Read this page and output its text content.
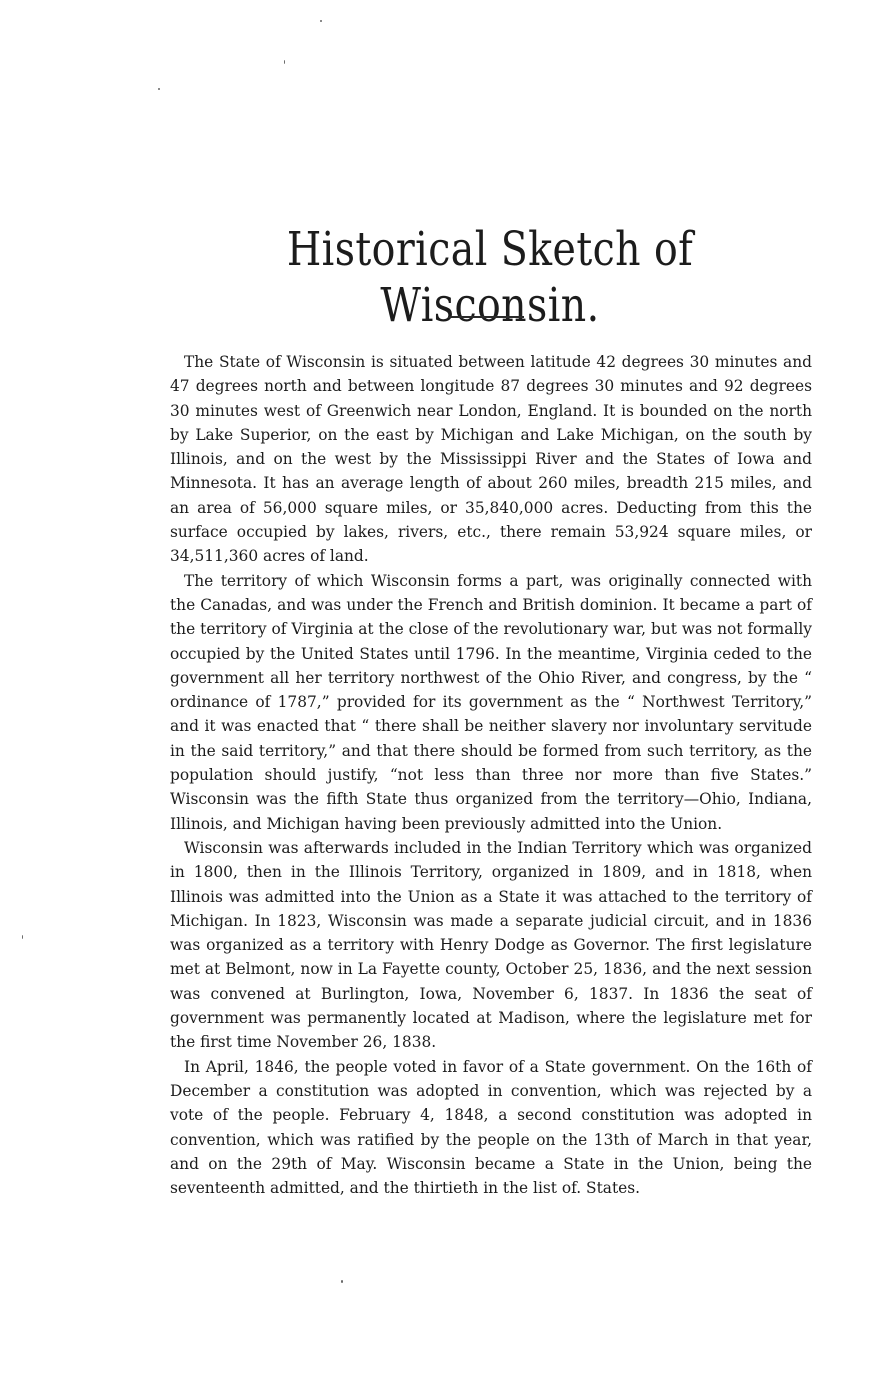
Historical Sketch of Wisconsin.

The State of Wisconsin is situated between latitude 42 degrees 30 minutes and 47 degrees north and between longitude 87 degrees 30 minutes and 92 degrees 30 minutes west of Greenwich near London, England. It is bounded on the north by Lake Superior, on the east by Michigan and Lake Michigan, on the south by Illinois, and on the west by the Mississippi River and the States of Iowa and Minnesota. It has an average length of about 260 miles, breadth 215 miles, and an area of 56,000 square miles, or 35,840,000 acres. Deducting from this the surface occupied by lakes, rivers, etc., there remain 53,924 square miles, or 34,511,360 acres of land.

The territory of which Wisconsin forms a part, was originally connected with the Canadas, and was under the French and British dominion. It became a part of the territory of Virginia at the close of the revolutionary war, but was not formally occupied by the United States until 1796. In the meantime, Virginia ceded to the government all her territory northwest of the Ohio River, and congress, by the “ ordinance of 1787,” provided for its government as the “ Northwest Territory,” and it was enacted that “ there shall be neither slavery nor involuntary servitude in the said territory,” and that there should be formed from such territory, as the population should justify, “not less than three nor more than five States.” Wisconsin was the fifth State thus organized from the territory—Ohio, Indiana, Illinois, and Michigan having been previously admitted into the Union.

Wisconsin was afterwards included in the Indian Territory which was organized in 1800, then in the Illinois Territory, organized in 1809, and in 1818, when Illinois was admitted into the Union as a State it was attached to the territory of Michigan. In 1823, Wisconsin was made a separate judicial circuit, and in 1836 was organized as a territory with Henry Dodge as Governor. The first legislature met at Belmont, now in La Fayette county, October 25, 1836, and the next session was convened at Burlington, Iowa, November 6, 1837. In 1836 the seat of government was permanently located at Madison, where the legislature met for the first time November 26, 1838.

In April, 1846, the people voted in favor of a State government. On the 16th of December a constitution was adopted in convention, which was rejected by a vote of the people. February 4, 1848, a second constitution was adopted in convention, which was ratified by the people on the 13th of March in that year, and on the 29th of May. Wisconsin became a State in the Union, being the seventeenth admitted, and the thirtieth in the list of. States.
